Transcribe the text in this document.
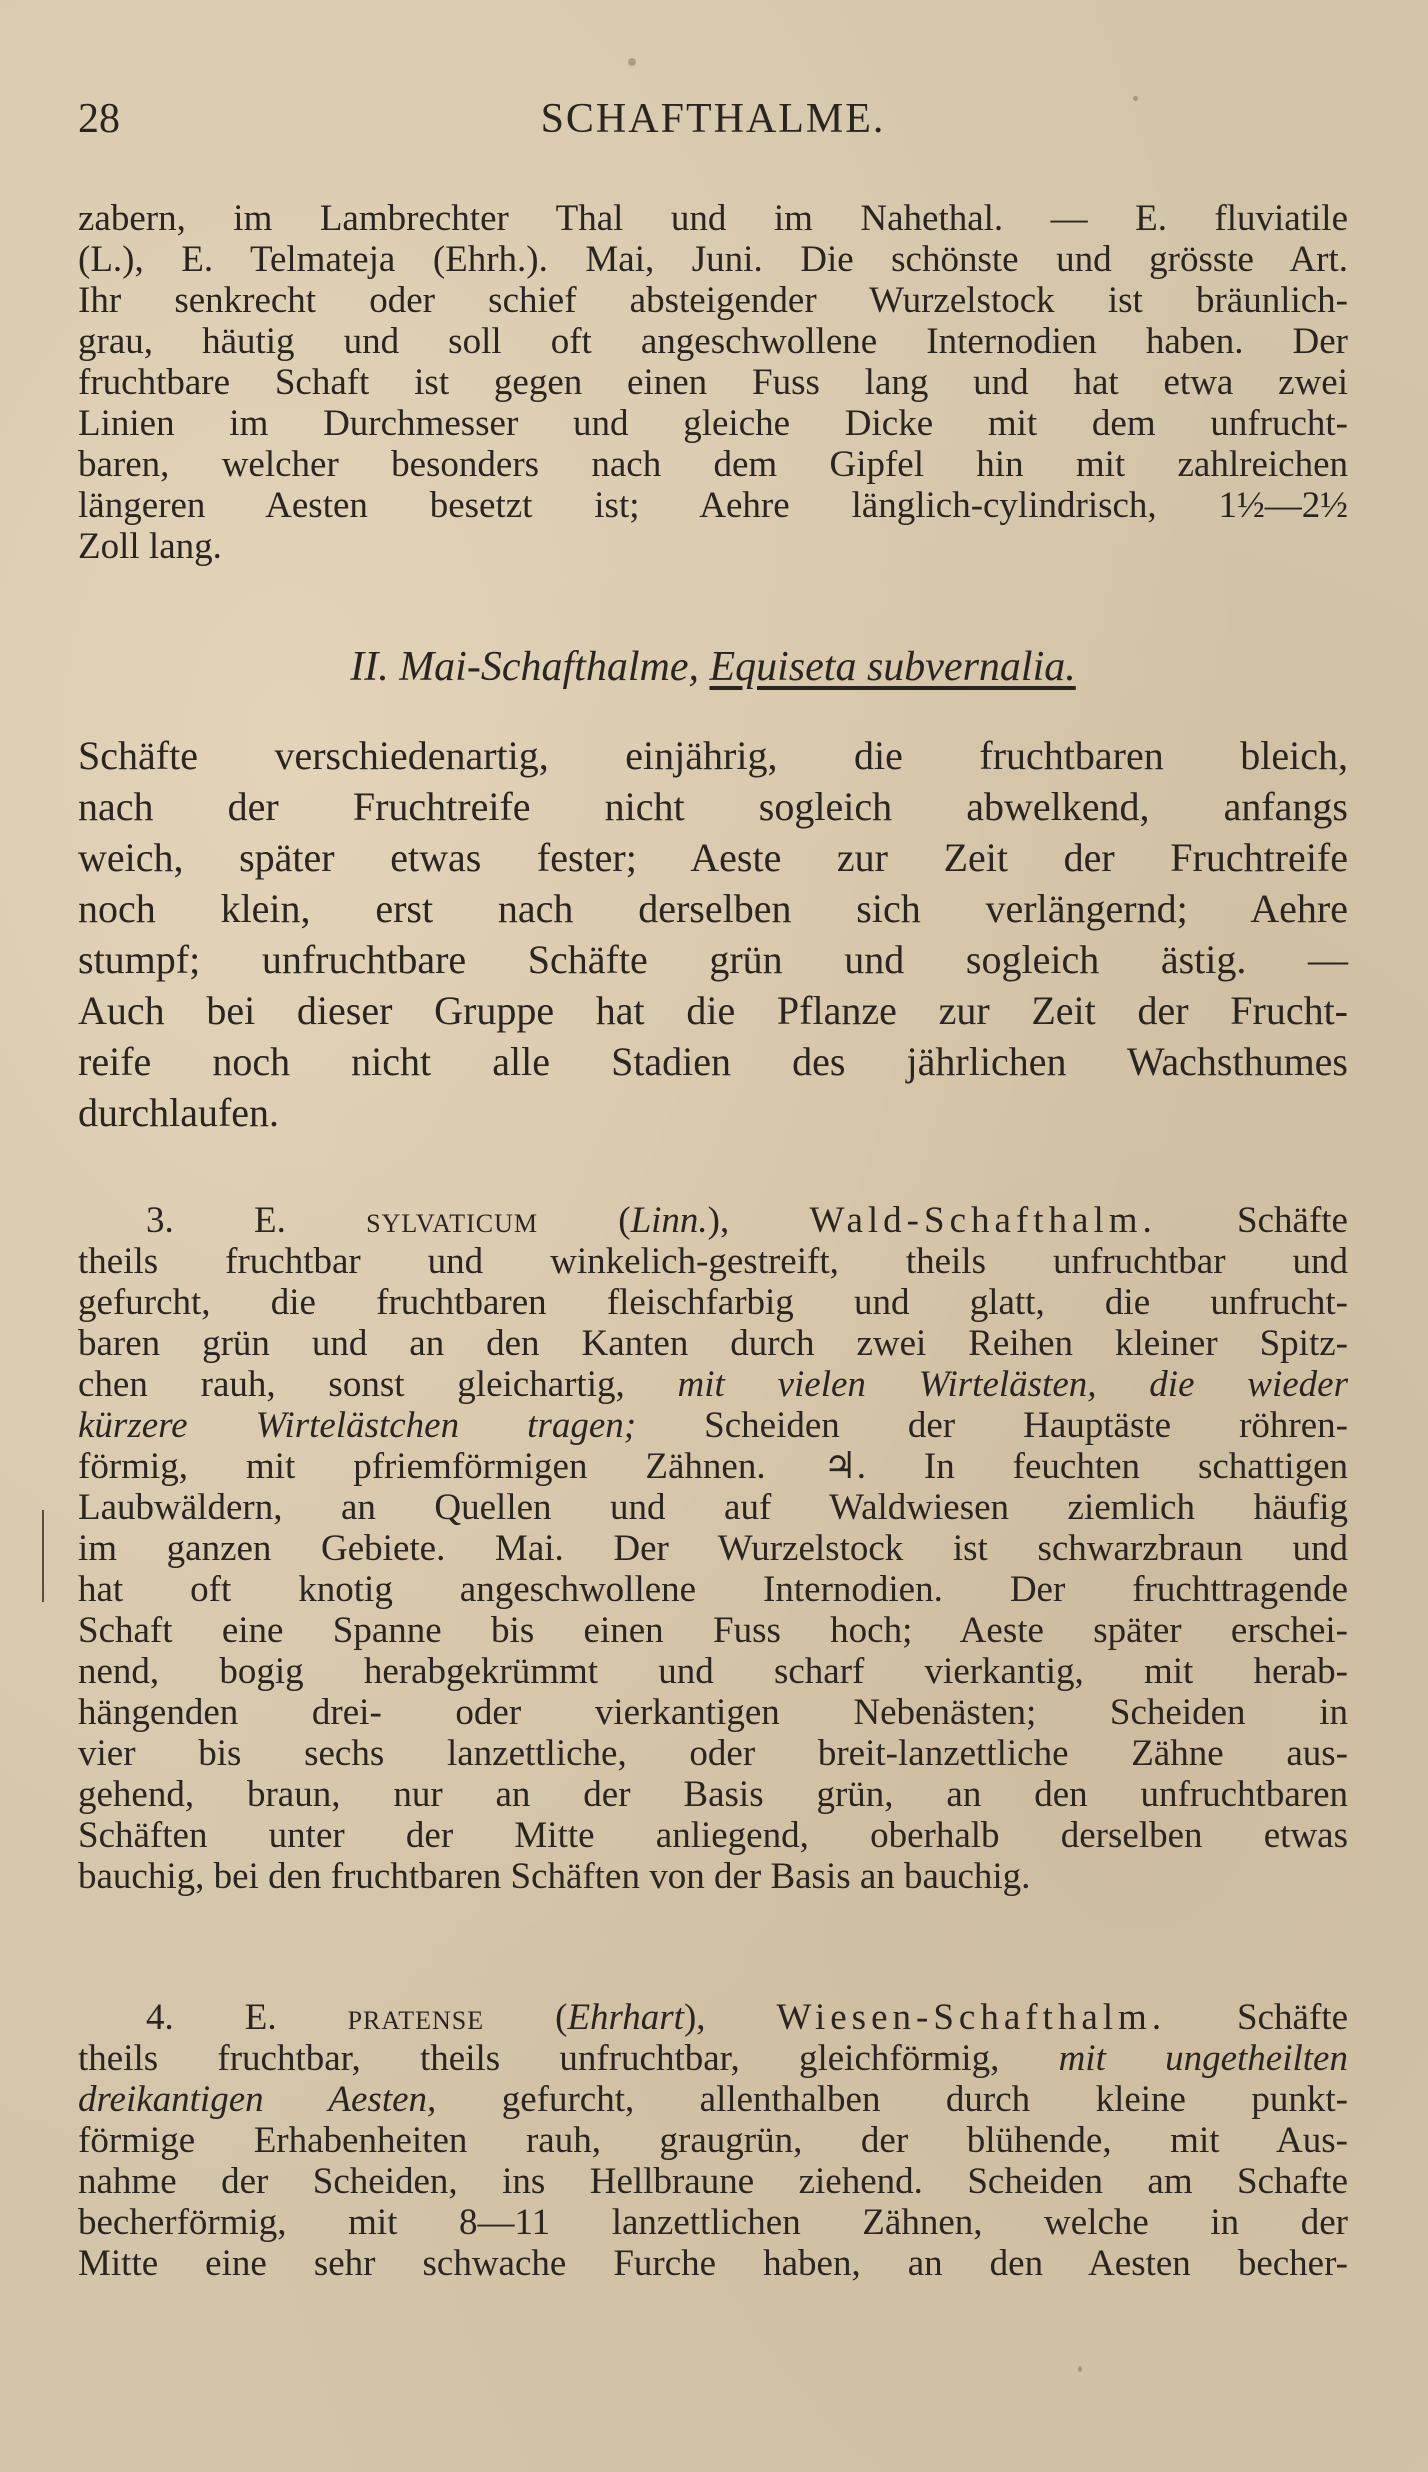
28	SCHAFTHALME.
zabern, im Lambrechter Thal und im Nahethal. — E. fluviatile
(L.), E. Telmateja (Ehrh.). Mai, Juni. Die schönste und grösste Art.
Ihr senkrecht oder schief absteigender Wurzelstock ist bräunlich-
grau, häutig und soll oft angeschwollene Internodien haben. Der
fruchtbare Schaft ist gegen einen Fuss lang und hat etwa zwei
Linien im Durchmesser und gleiche Dicke mit dem unfrucht-
baren, welcher besonders nach dem Gipfel hin mit zahlreichen
längeren Aesten besetzt ist; Aehre länglich-cylindrisch, 1½—2½
Zoll lang.
II. Mai-Schafthalme, Equiseta subvernalia.
Schäfte verschiedenartig, einjährig, die fruchtbaren bleich,
nach der Fruchtreife nicht sogleich abwelkend, anfangs
weich, später etwas fester; Aeste zur Zeit der Fruchtreife
noch klein, erst nach derselben sich verlängernd; Aehre
stumpf; unfruchtbare Schäfte grün und sogleich ästig. —
Auch bei dieser Gruppe hat die Pflanze zur Zeit der Frucht-
reife noch nicht alle Stadien des jährlichen Wachsthumes
durchlaufen.
3. E. sylvaticum (Linn.), Wald-Schafthalm. Schäfte
theils fruchtbar und winkelich-gestreift, theils unfruchtbar und
gefurcht, die fruchtbaren fleischfarbig und glatt, die unfrucht-
baren grün und an den Kanten durch zwei Reihen kleiner Spitz-
chen rauh, sonst gleichartig, mit vielen Wirtelästen, die wieder
kürzere Wirtelästchen tragen; Scheiden der Hauptäste röhren-
förmig, mit pfriemförmigen Zähnen. ♃. In feuchten schattigen
Laubwäldern, an Quellen und auf Waldwiesen ziemlich häufig
im ganzen Gebiete. Mai. Der Wurzelstock ist schwarzbraun und
hat oft knotig angeschwollene Internodien. Der fruchttragende
Schaft eine Spanne bis einen Fuss hoch; Aeste später erschei-
nend, bogig herabgekrümmt und scharf vierkantig, mit herab-
hängenden drei- oder vierkantigen Nebenästen; Scheiden in
vier bis sechs lanzettliche, oder breit-lanzettliche Zähne aus-
gehend, braun, nur an der Basis grün, an den unfruchtbaren
Schäften unter der Mitte anliegend, oberhalb derselben etwas
bauchig, bei den fruchtbaren Schäften von der Basis an bauchig.
4. E. pratense (Ehrhart), Wiesen-Schafthalm. Schäfte
theils fruchtbar, theils unfruchtbar, gleichförmig, mit ungetheilten
dreikantigen Aesten, gefurcht, allenthalben durch kleine punkt-
förmige Erhabenheiten rauh, graugrün, der blühende, mit Aus-
nahme der Scheiden, ins Hellbraune ziehend. Scheiden am Schafte
becherförmig, mit 8—11 lanzettlichen Zähnen, welche in der
Mitte eine sehr schwache Furche haben, an den Aesten becher-
